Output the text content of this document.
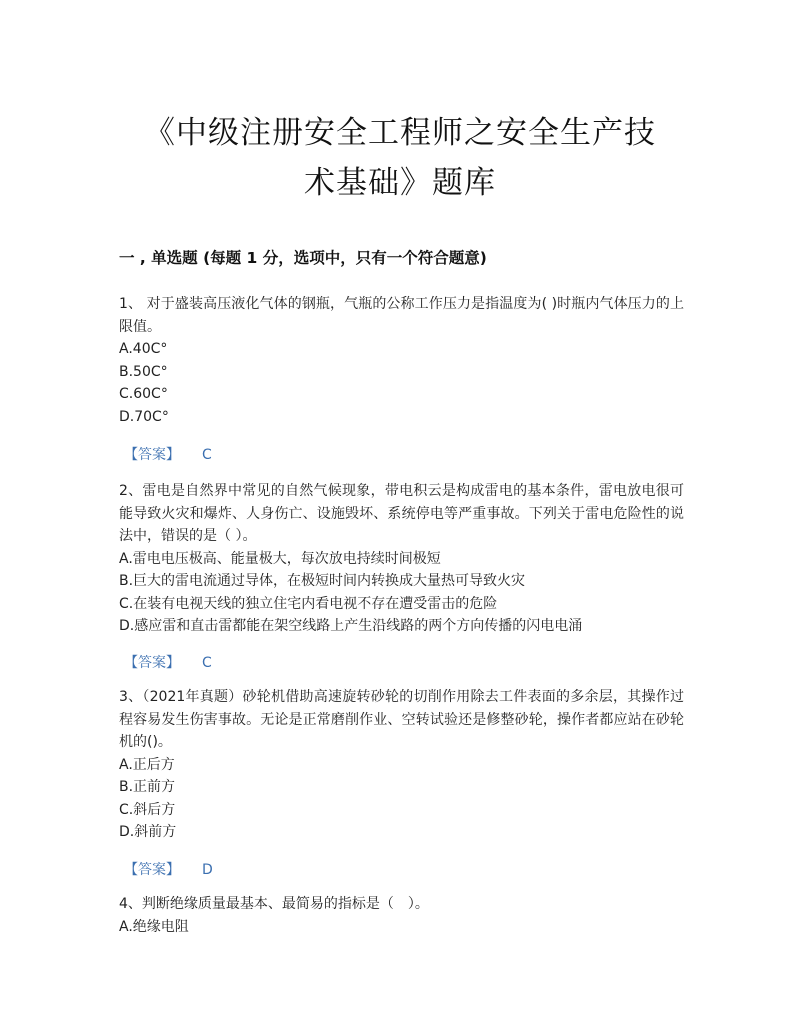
《中级注册安全工程师之安全生产技
术基础》题库
一 , 单选题 (每题 1 分，选项中，只有一个符合题意)

1、 对于盛装高压液化气体的钢瓶，气瓶的公称工作压力是指温度为( )时瓶内气体压力的上限值。

A.40C°

B.50C°

C.60C°

D.70C°

【答案】 C

2、雷电是自然界中常见的自然气候现象，带电积云是构成雷电的基本条件，雷电放电很可能导致火灾和爆炸、人身伤亡、设施毁坏、系统停电等严重事故。下列关于雷电危险性的说法中，错误的是（ ）。

A.雷电电压极高、能量极大，每次放电持续时间极短

B.巨大的雷电流通过导体，在极短时间内转换成大量热可导致火灾

C.在装有电视天线的独立住宅内看电视不存在遭受雷击的危险

D.感应雷和直击雷都能在架空线路上产生沿线路的两个方向传播的闪电电涌

【答案】 C

3、（2021年真题）砂轮机借助高速旋转砂轮的切削作用除去工件表面的多余层，其操作过程容易发生伤害事故。无论是正常磨削作业、空转试验还是修整砂轮，操作者都应站在砂轮机的()。

A.正后方

B.正前方

C.斜后方

D.斜前方

【答案】 D

4、判断绝缘质量最基本、最简易的指标是（　）。

A.绝缘电阻
